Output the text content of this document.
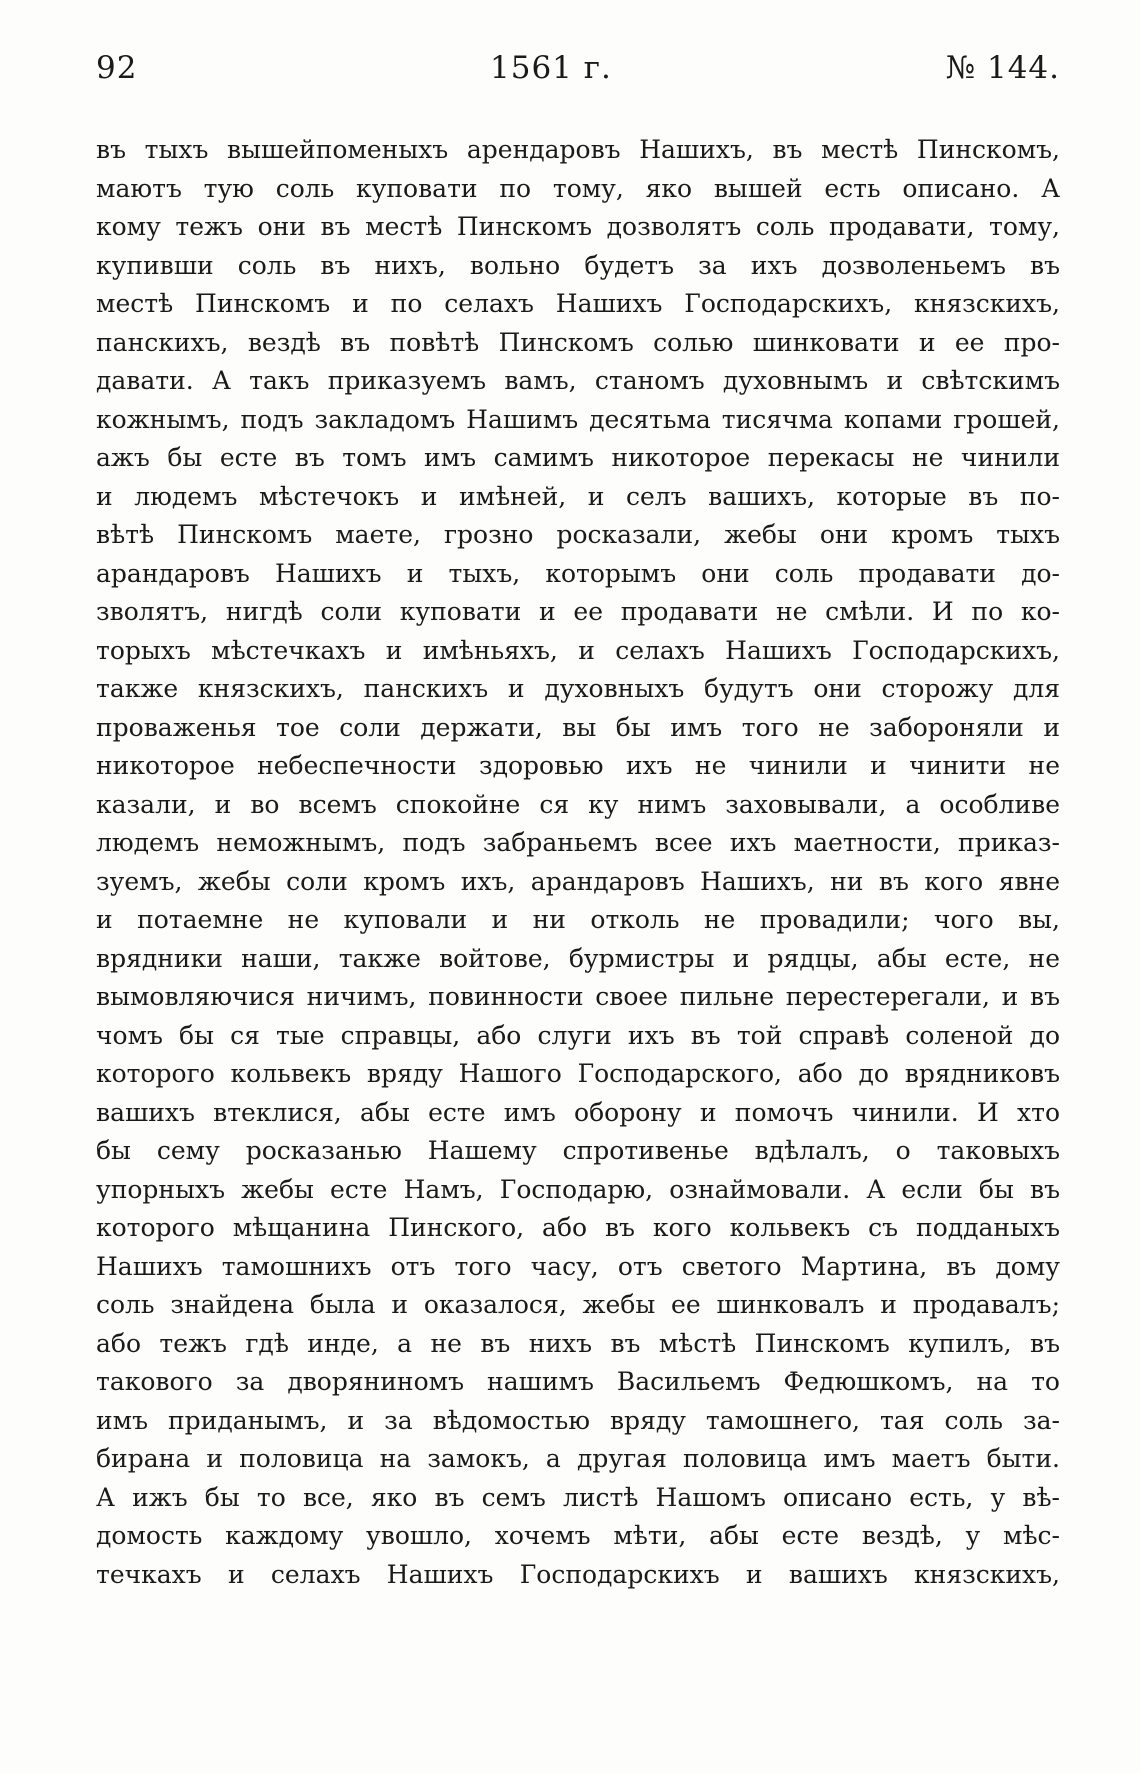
92	1561 г.	№ 144.
въ тыхъ вышейпоменыхъ арендаровъ Нашихъ, въ местѣ Пинскомъ,
маютъ тую соль куповати по тому, яко вышей есть описано. А
кому тежъ они въ местѣ Пинскомъ дозволятъ соль продавати, тому,
купивши соль въ нихъ, вольно будетъ за ихъ дозволеньемъ въ
местѣ Пинскомъ и по селахъ Нашихъ Господарскихъ, князскихъ,
панскихъ, вездѣ въ повѣтѣ Пинскомъ солью шинковати и ее про-
давати. А такъ приказуемъ вамъ, станомъ духовнымъ и свѣтскимъ
кожнымъ, подъ закладомъ Нашимъ десятьма тисячма копами грошей,
ажъ бы есте въ томъ имъ самимъ никоторое перекасы не чинили
и людемъ мѣстечокъ и имѣней, и селъ вашихъ, которые въ по-
вѣтѣ Пинскомъ маете, грозно росказали, жебы они кромъ тыхъ
арандаровъ Нашихъ и тыхъ, которымъ они соль продавати до-
зволятъ, нигдѣ соли куповати и ее продавати не смѣли. И по ко-
торыхъ мѣстечкахъ и имѣньяхъ, и селахъ Нашихъ Господарскихъ,
также князскихъ, панскихъ и духовныхъ будутъ они сторожу для
проваженья тое соли держати, вы бы имъ того не забороняли и
никоторое небеспечности здоровью ихъ не чинили и чинити не
казали, и во всемъ спокойне ся ку нимъ заховывали, а особливе
людемъ неможнымъ, подъ забраньемъ всее ихъ маетности, приказ-
зуемъ, жебы соли кромъ ихъ, арандаровъ Нашихъ, ни въ кого явне
и потаемне не куповали и ни отколь не провадили; чого вы,
врядники наши, также войтове, бурмистры и рядцы, абы есте, не
вымовляючися ничимъ, повинности своее пильне перестерегали, и въ
чомъ бы ся тые справцы, або слуги ихъ въ той справѣ соленой до
которого кольвекъ вряду Нашого Господарского, або до врядниковъ
вашихъ втеклися, абы есте имъ оборону и помочъ чинили. И хто
бы сему росказанью Нашему спротивенье вдѣлалъ, о таковыхъ
упорныхъ жебы есте Намъ, Господарю, ознаймовали. А если бы въ
которого мѣщанина Пинского, або въ кого кольвекъ съ подданыхъ
Нашихъ тамошнихъ отъ того часу, отъ светого Мартина, въ дому
соль знайдена была и оказалося, жебы ее шинковалъ и продавалъ;
або тежъ гдѣ инде, а не въ нихъ въ мѣстѣ Пинскомъ купилъ, въ
таковогo за дворяниномъ нашимъ Васильемъ Федюшкомъ, на то
имъ приданымъ, и за вѣдомостью вряду тамошнего, тая соль за-
бирана и половица на замокъ, а другая половица имъ маетъ быти.
А ижъ бы то все, яко въ семъ листѣ Нашомъ описано есть, у вѣ-
домость каждому увошло, хочемъ мѣти, абы есте вездѣ, у мѣс-
течкахъ и селахъ Нашихъ Господарскихъ и вашихъ князскихъ,
